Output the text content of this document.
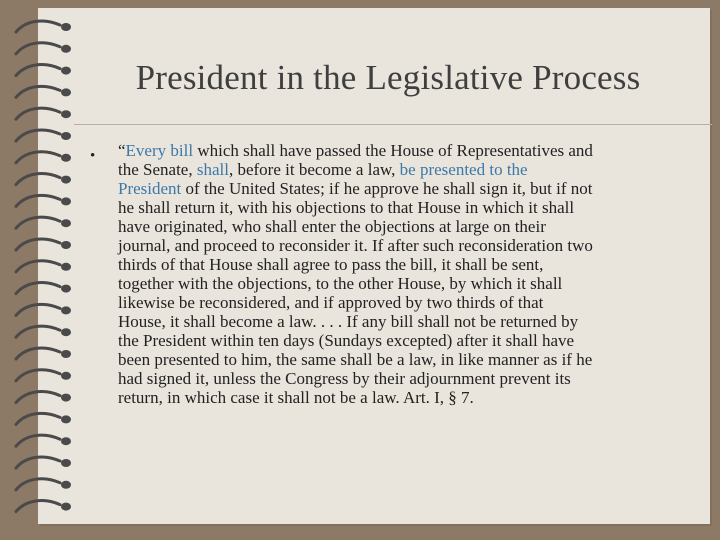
President in the Legislative Process
• “Every bill which shall have passed the House of Representatives and
the Senate, shall, before it become a law, be presented to the
President of the United States; if he approve he shall sign it, but if not
he shall return it, with his objections to that House in which it shall
have originated, who shall enter the objections at large on their
journal, and proceed to reconsider it. If after such reconsideration two
thirds of that House shall agree to pass the bill, it shall be sent,
together with the objections, to the other House, by which it shall
likewise be reconsidered, and if approved by two thirds of that
House, it shall become a law. . . . If any bill shall not be returned by
the President within ten days (Sundays excepted) after it shall have
been presented to him, the same shall be a law, in like manner as if he
had signed it, unless the Congress by their adjournment prevent its
return, in which case it shall not be a law. Art. I, § 7.
